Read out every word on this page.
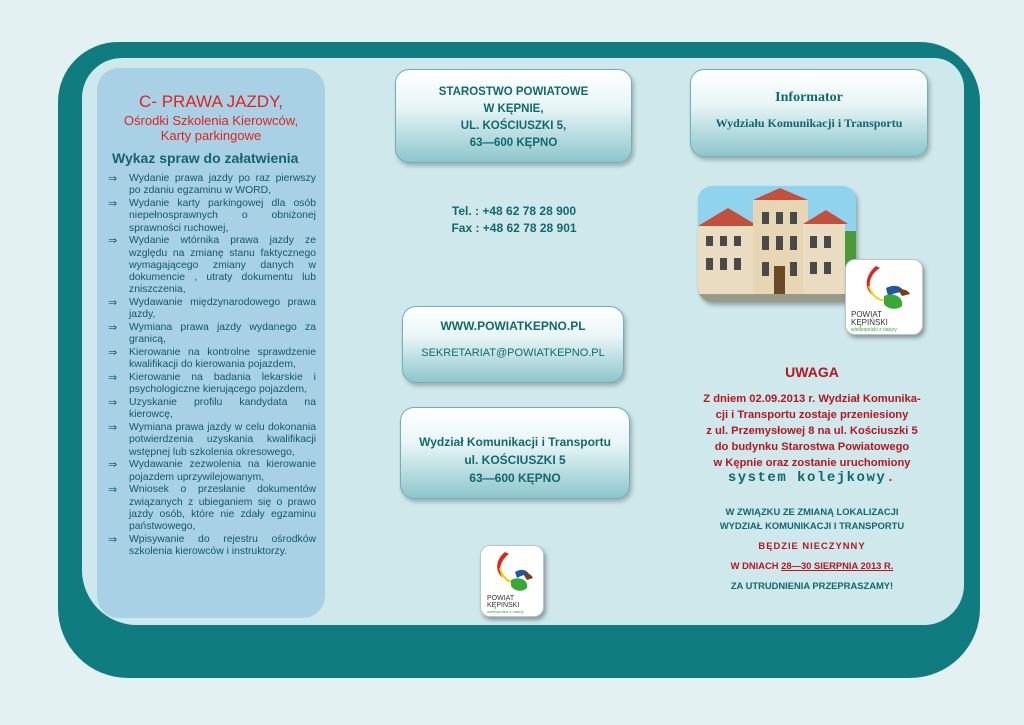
C- PRAWA JAZDY,
Ośrodki Szkolenia Kierowców,
Karty parkingowe
Wykaz spraw do załatwienia
⇒ Wydanie prawa jazdy po raz pierwszy po zdaniu egzaminu w WORD,
⇒ Wydanie karty parkingowej dla osób niepełnosprawnych o obniżonej sprawności ruchowej,
⇒ Wydanie wtórnika prawa jazdy ze względu na zmianę stanu faktycznego wymagającego zmiany danych w dokumencie , utraty dokumentu lub zniszczenia,
⇒ Wydawanie międzynarodowego prawa jazdy,
⇒ Wymiana prawa jazdy wydanego za granicą,
⇒ Kierowanie na kontrolne sprawdzenie kwalifikacji do kierowania pojazdem,
⇒ Kierowanie na badania lekarskie i psychologiczne kierującego pojazdem,
⇒ Uzyskanie profilu kandydata na kierowcę,
⇒ Wymiana prawa jazdy w celu dokonania potwierdzenia uzyskania kwalifikacji wstępnej lub szkolenia okresowego,
⇒ Wydawanie zezwolenia na kierowanie pojazdem uprzywilejowanym,
⇒ Wniosek o przesłanie dokumentów związanych z ubieganiem się o prawo jazdy osób, które nie zdały egzaminu państwowego,
⇒ Wpisywanie do rejestru ośrodków szkolenia kierowców i instruktorzy.
STAROSTWO POWIATOWE
W KĘPNIE,
UL. KOŚCIUSZKI 5,
63—600 KĘPNO
Tel. : +48 62 78 28 900
Fax : +48 62 78 28 901
WWW.POWIATKEPNO.PL
SEKRETARIAT@POWIATKEPNO.PL
Wydział Komunikacji i Transportu
ul. KOŚCIUSZKI 5
63—600 KĘPNO
POWIAT
KĘPIŃSKI
wielkopolski z natury
Informator
Wydziału Komunikacji i Transportu
POWIAT
KĘPIŃSKI
wielkopolski z natury
UWAGA
Z dniem 02.09.2013 r. Wydział Komunika-
cji i Transportu zostaje przeniesiony
z ul. Przemysłowej 8 na ul. Kościuszki 5
do budynku Starostwa Powiatowego
w Kępnie oraz zostanie uruchomiony
system kolejkowy.
W ZWIĄZKU ZE ZMIANĄ LOKALIZACJI
WYDZIAŁ KOMUNIKACJI I TRANSPORTU
BĘDZIE NIECZYNNY
W DNIACH 28—30 SIERPNIA 2013 R.
ZA UTRUDNIENIA PRZEPRASZAMY!
